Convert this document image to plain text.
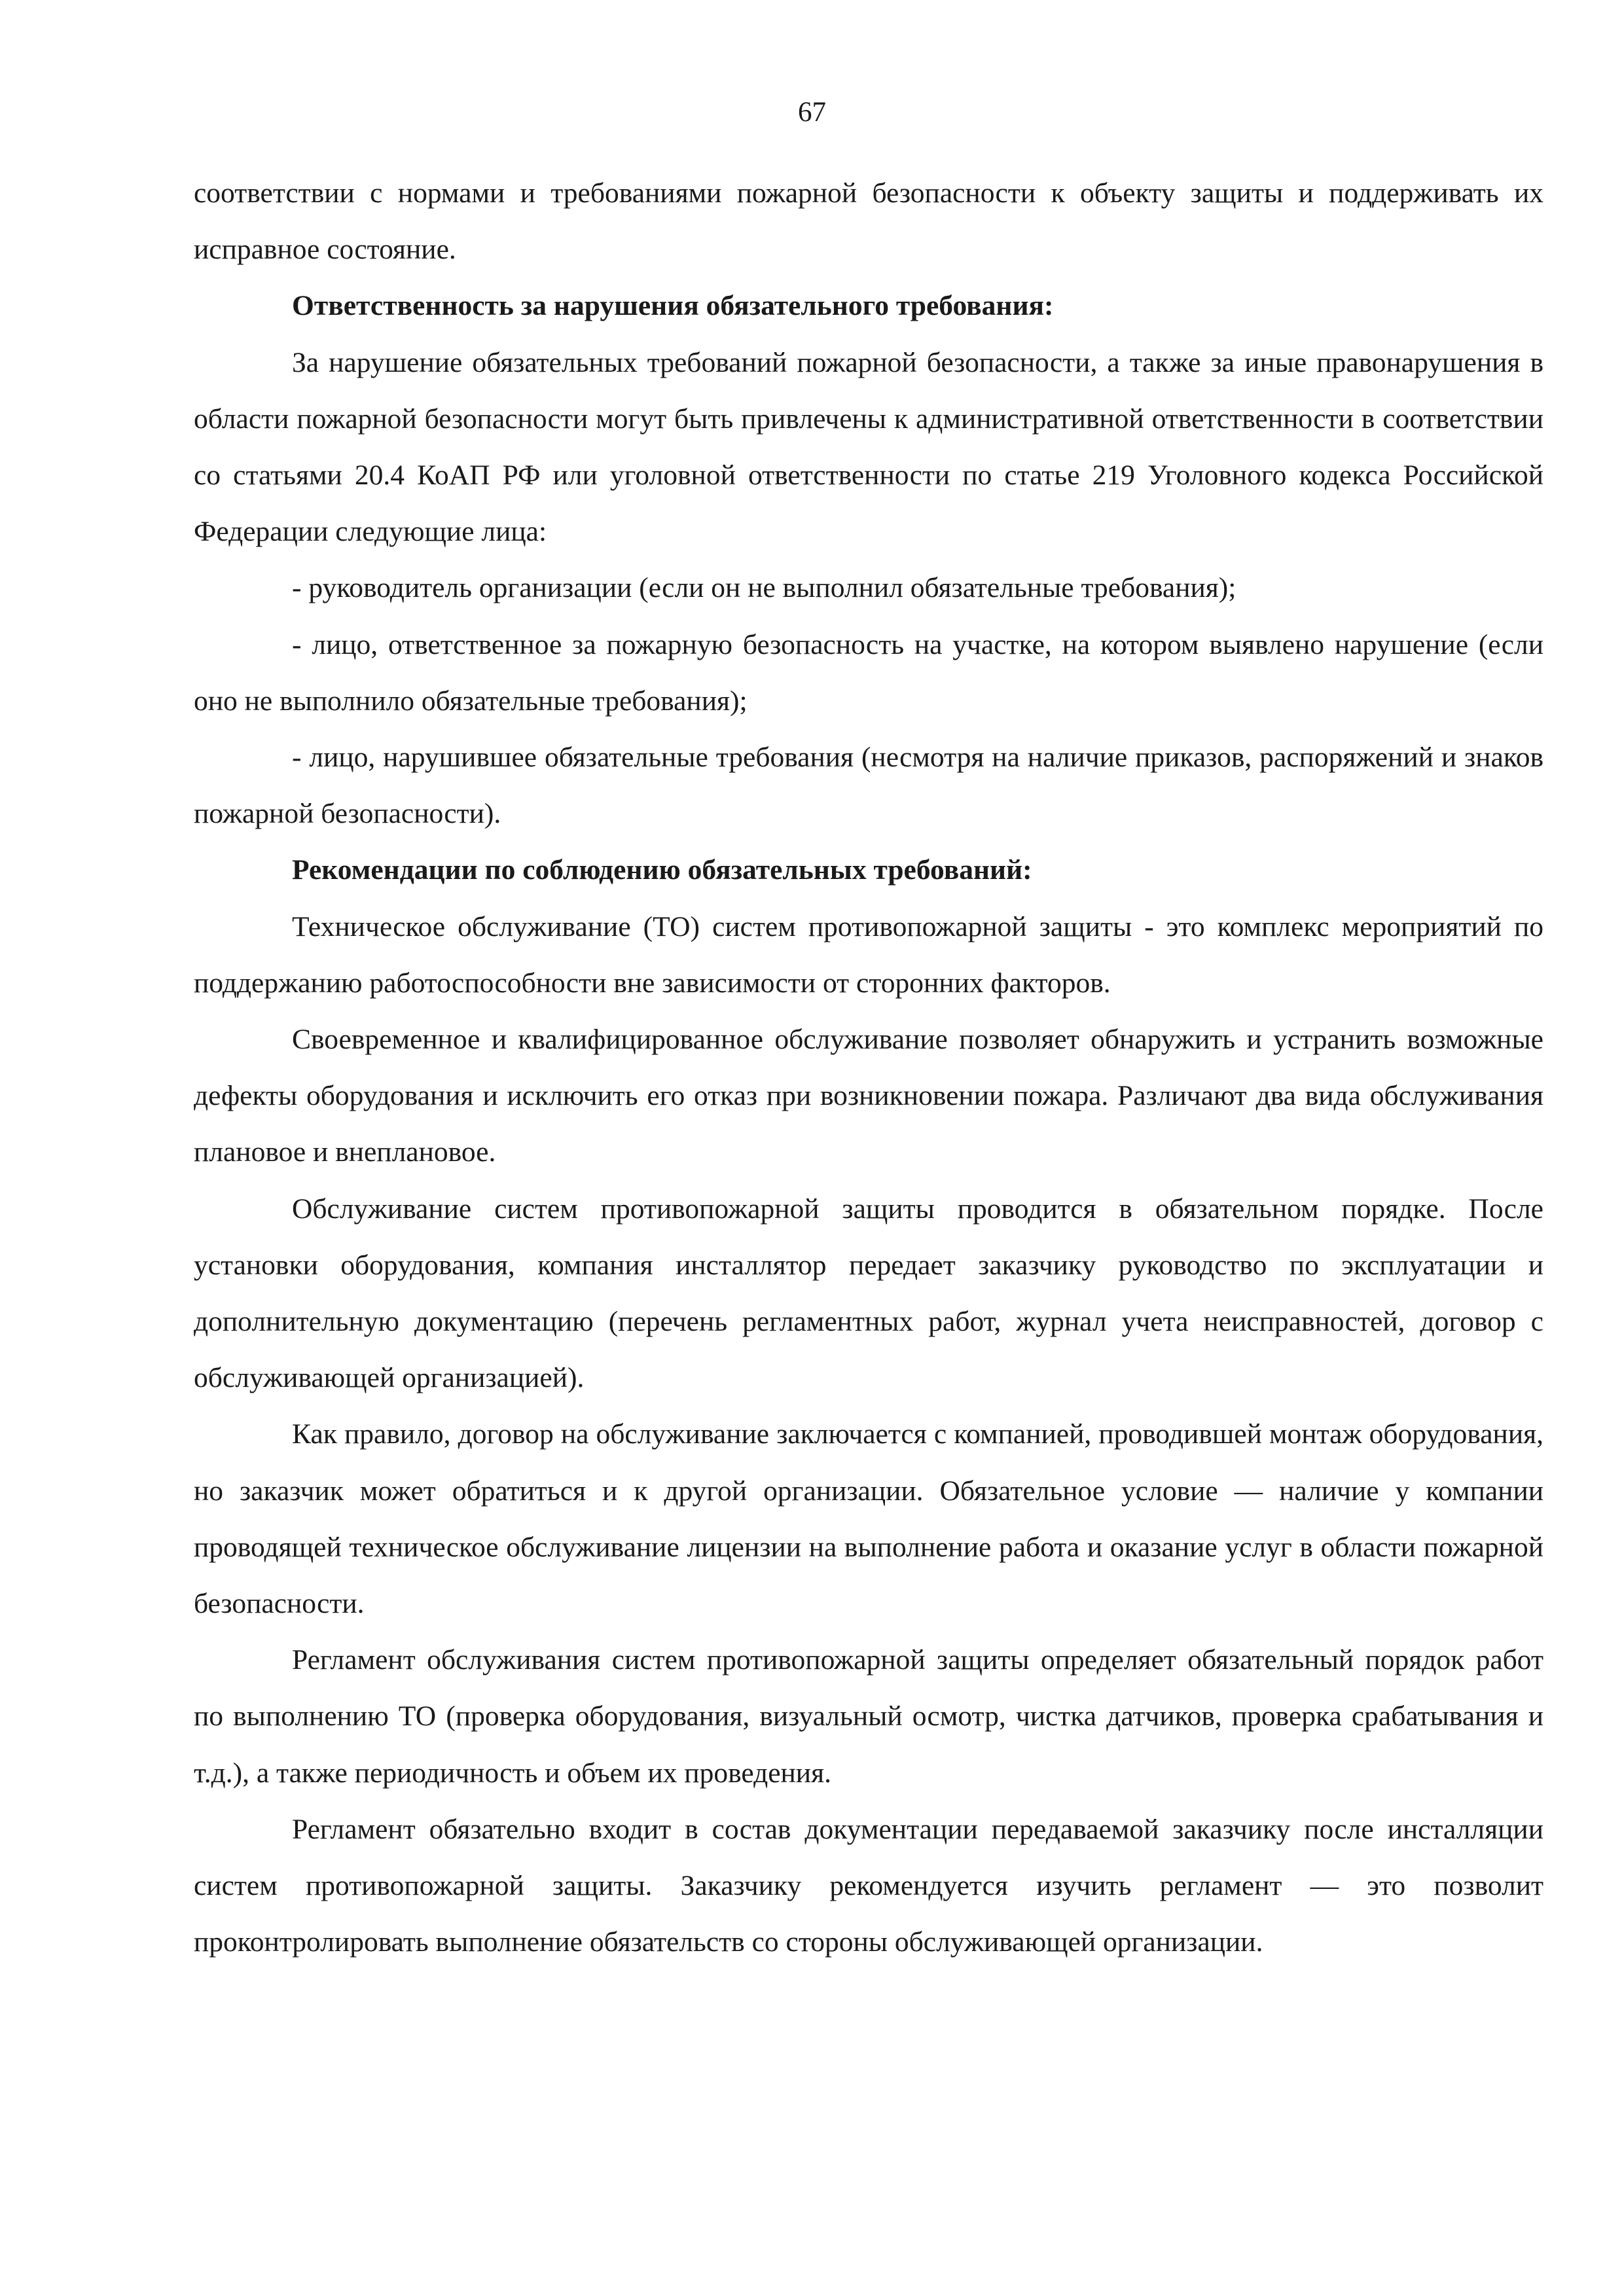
67

соответствии с нормами и требованиями пожарной безопасности к объекту защиты и поддерживать их исправное состояние.

Ответственность за нарушения обязательного требования:

За нарушение обязательных требований пожарной безопасности, а также за иные правонарушения в области пожарной безопасности могут быть привлечены к административной ответственности в соответствии со статьями 20.4 КоАП РФ или уголовной ответственности по статье 219 Уголовного кодекса Российской Федерации следующие лица:

- руководитель организации (если он не выполнил обязательные требования);

- лицо, ответственное за пожарную безопасность на участке, на котором выявлено нарушение (если оно не выполнило обязательные требования);

- лицо, нарушившее обязательные требования (несмотря на наличие приказов, распоряжений и знаков пожарной безопасности).

Рекомендации по соблюдению обязательных требований:

Техническое обслуживание (ТО) систем противопожарной защиты - это комплекс мероприятий по поддержанию работоспособности вне зависимости от сторонних факторов.

Своевременное и квалифицированное обслуживание позволяет обнаружить и устранить возможные дефекты оборудования и исключить его отказ при возникновении пожара. Различают два вида обслуживания плановое и внеплановое.

Обслуживание систем противопожарной защиты проводится в обязательном порядке. После установки оборудования, компания инсталлятор передает заказчику руководство по эксплуатации и дополнительную документацию (перечень регламентных работ, журнал учета неисправностей, договор с обслуживающей организацией).

Как правило, договор на обслуживание заключается с компанией, проводившей монтаж оборудования, но заказчик может обратиться и к другой организации. Обязательное условие — наличие у компании проводящей техническое обслуживание лицензии на выполнение работа и оказание услуг в области пожарной безопасности.

Регламент обслуживания систем противопожарной защиты определяет обязательный порядок работ по выполнению ТО (проверка оборудования, визуальный осмотр, чистка датчиков, проверка срабатывания и т.д.), а также периодичность и объем их проведения.

Регламент обязательно входит в состав документации передаваемой заказчику после инсталляции систем противопожарной защиты. Заказчику рекомендуется изучить регламент — это позволит проконтролировать выполнение обязательств со стороны обслуживающей организации.
